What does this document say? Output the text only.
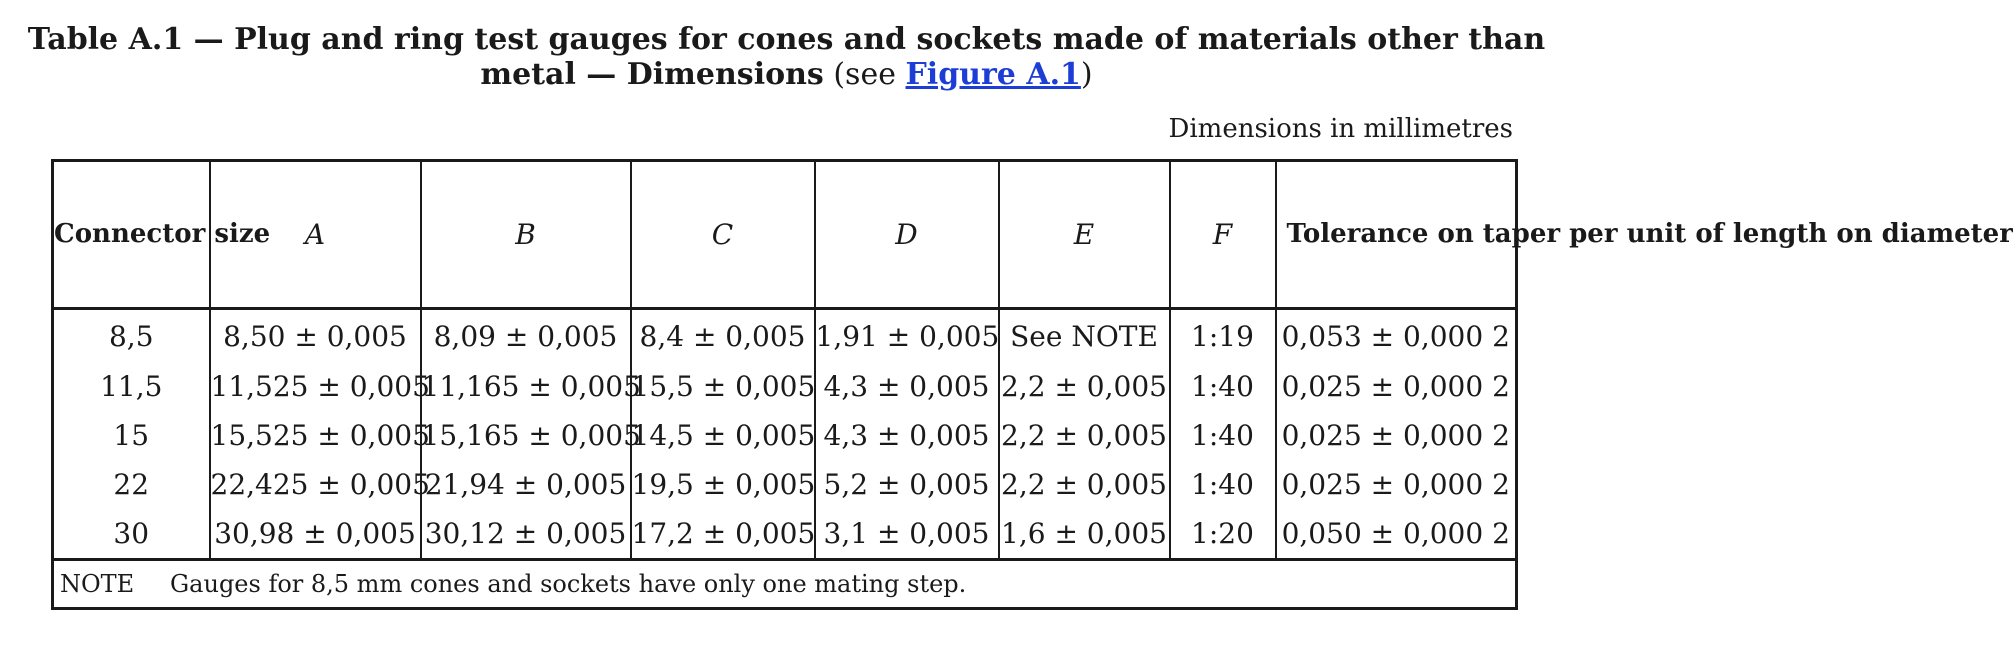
Table A.1 — Plug and ring test gauges for cones and sockets made of materials other than metal — Dimensions (see Figure A.1)
Dimensions in millimetres
Connector size	A	B	C	D	E	F	Tolerance on taper per unit of length on diameter
8,5	8,50 ± 0,005	8,09 ± 0,005	8,4 ± 0,005	1,91 ± 0,005	See NOTE	1:19	0,053 ± 0,000 2
11,5	11,525 ± 0,005	11,165 ± 0,005	15,5 ± 0,005	4,3 ± 0,005	2,2 ± 0,005	1:40	0,025 ± 0,000 2
15	15,525 ± 0,005	15,165 ± 0,005	14,5 ± 0,005	4,3 ± 0,005	2,2 ± 0,005	1:40	0,025 ± 0,000 2
22	22,425 ± 0,005	21,94 ± 0,005	19,5 ± 0,005	5,2 ± 0,005	2,2 ± 0,005	1:40	0,025 ± 0,000 2
30	30,98 ± 0,005	30,12 ± 0,005	17,2 ± 0,005	3,1 ± 0,005	1,6 ± 0,005	1:20	0,050 ± 0,000 2
NOTE Gauges for 8,5 mm cones and sockets have only one mating step.							
